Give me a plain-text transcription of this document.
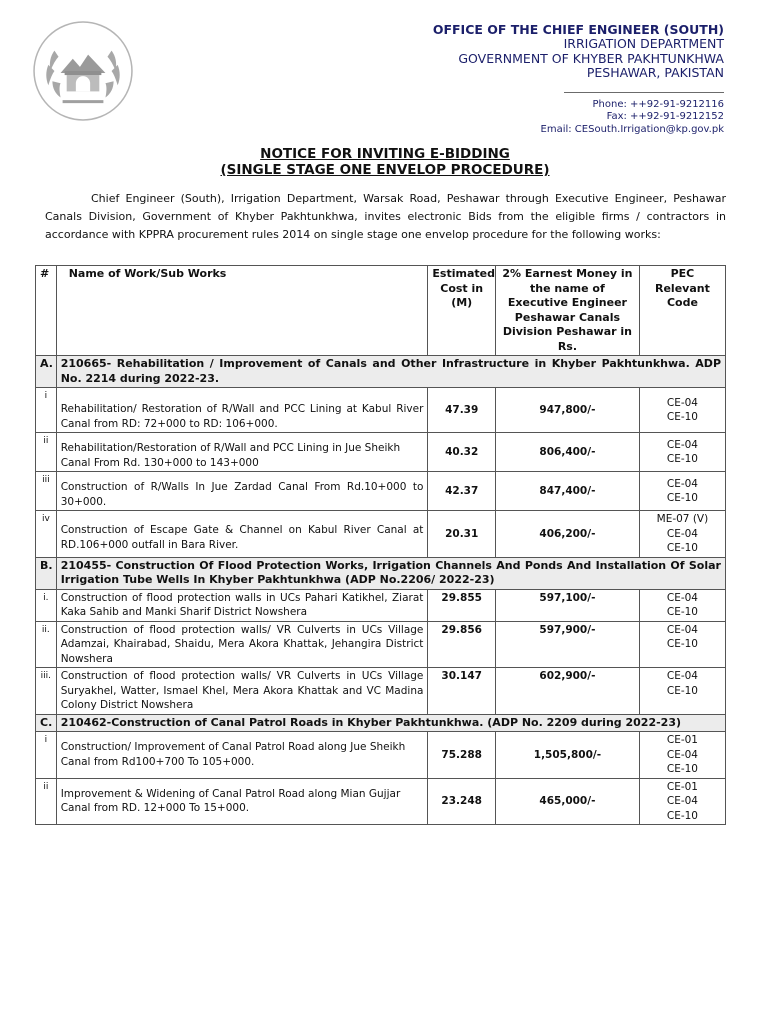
OFFICE OF THE CHIEF ENGINEER (SOUTH)
IRRIGATION DEPARTMENT
GOVERNMENT OF KHYBER PAKHTUNKHWA
PESHAWAR, PAKISTAN
Phone: ++92-91-9212116
Fax: ++92-91-9212152
Email: CESouth.Irrigation@kp.gov.pk
NOTICE FOR INVITING E-BIDDING
(SINGLE STAGE ONE ENVELOP PROCEDURE)

Chief Engineer (South), Irrigation Department, Warsak Road, Peshawar through Executive Engineer, Peshawar Canals Division, Government of Khyber Pakhtunkhwa, invites electronic Bids from the eligible firms / contractors in accordance with KPPRA procurement rules 2014 on single stage one envelop procedure for the following works:

#	Name of Work/Sub Works	Estimated Cost in (M)	2% Earnest Money in the name of Executive Engineer Peshawar Canals Division Peshawar in Rs.	PEC Relevant Code
A.	210665- Rehabilitation / Improvement of Canals and Other Infrastructure in Khyber Pakhtunkhwa. ADP No. 2214 during 2022-23.			
i	Rehabilitation/ Restoration of R/Wall and PCC Lining at Kabul River Canal from RD: 72+000 to RD: 106+000.	47.39	947,800/-	CE-04
CE-10

ii	Rehabilitation/Restoration of R/Wall and PCC Lining in Jue Sheikh Canal From Rd. 130+000 to 143+000	40.32	806,400/-	CE-04
CE-10

iii	Construction of R/Walls In Jue Zardad Canal From Rd.10+000 to 30+000.	42.37	847,400/-	CE-04
CE-10

iv	Construction of Escape Gate & Channel on Kabul River Canal at RD.106+000 outfall in Bara River.	20.31	406,200/-	ME-07 (V)
CE-04
CE-10

B.	210455- Construction Of Flood Protection Works, Irrigation Channels And Ponds And Installation Of Solar Irrigation Tube Wells In Khyber Pakhtunkhwa (ADP No.2206/ 2022-23)			
i.	Construction of flood protection walls in UCs Pahari Katikhel, Ziarat Kaka Sahib and Manki Sharif District Nowshera	29.855	597,100/-	CE-04
CE-10

ii.	Construction of flood protection walls/ VR Culverts in UCs Village Adamzai, Khairabad, Shaidu, Mera Akora Khattak, Jehangira District Nowshera	29.856	597,900/-	CE-04
CE-10

iii.	Construction of flood protection walls/ VR Culverts in UCs Village Suryakhel, Watter, Ismael Khel, Mera Akora Khattak and VC Madina Colony District Nowshera	30.147	602,900/-	CE-04
CE-10

C.	210462-Construction of Canal Patrol Roads in Khyber Pakhtunkhwa. (ADP No. 2209 during 2022-23)			
i	Construction/ Improvement of Canal Patrol Road along Jue Sheikh Canal from Rd100+700 To 105+000.	75.288	1,505,800/-	CE-01
CE-04
CE-10

ii	Improvement & Widening of Canal Patrol Road along Mian Gujjar Canal from RD. 12+000 To 15+000.	23.248	465,000/-	CE-01
CE-04
CE-10
